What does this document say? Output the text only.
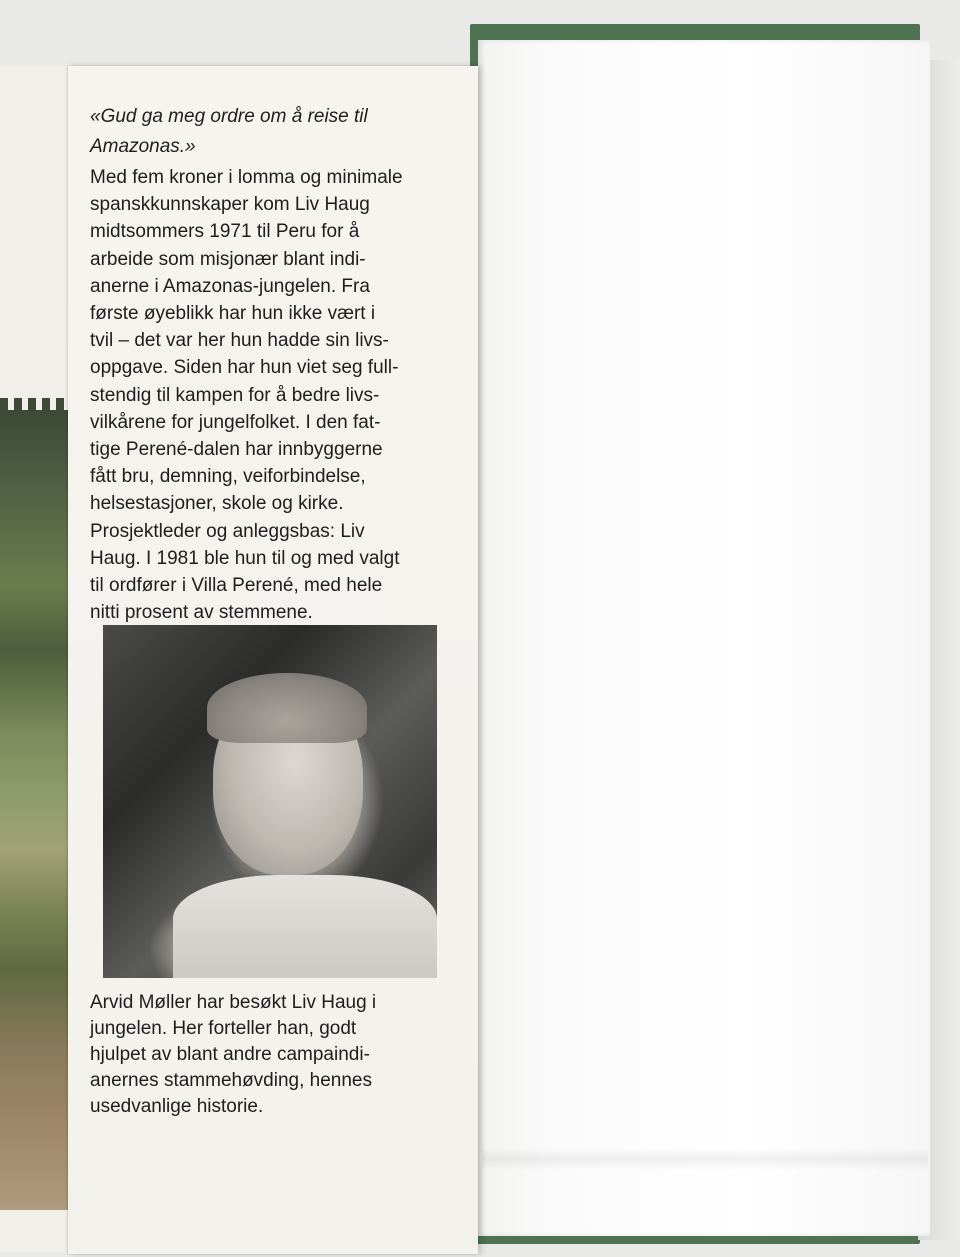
«Gud ga meg ordre om å reise til
Amazonas.»

Med fem kroner i lomma og minimale
spanskkunnskaper kom Liv Haug
midtsommers 1971 til Peru for å
arbeide som misjonær blant indi-
anerne i Amazonas-jungelen. Fra
første øyeblikk har hun ikke vært i
tvil – det var her hun hadde sin livs-
oppgave. Siden har hun viet seg full-
stendig til kampen for å bedre livs-
vilkårene for jungelfolket. I den fat-
tige Perené-dalen har innbyggerne
fått bru, demning, veiforbindelse,
helsestasjoner, skole og kirke.
Prosjektleder og anleggsbas: Liv
Haug. I 1981 ble hun til og med valgt
til ordfører i Villa Perené, med hele
nitti prosent av stemmene.

Arvid Møller har besøkt Liv Haug i
jungelen. Her forteller han, godt
hjulpet av blant andre campaindi-
anernes stammehøvding, hennes
usedvanlige historie.
